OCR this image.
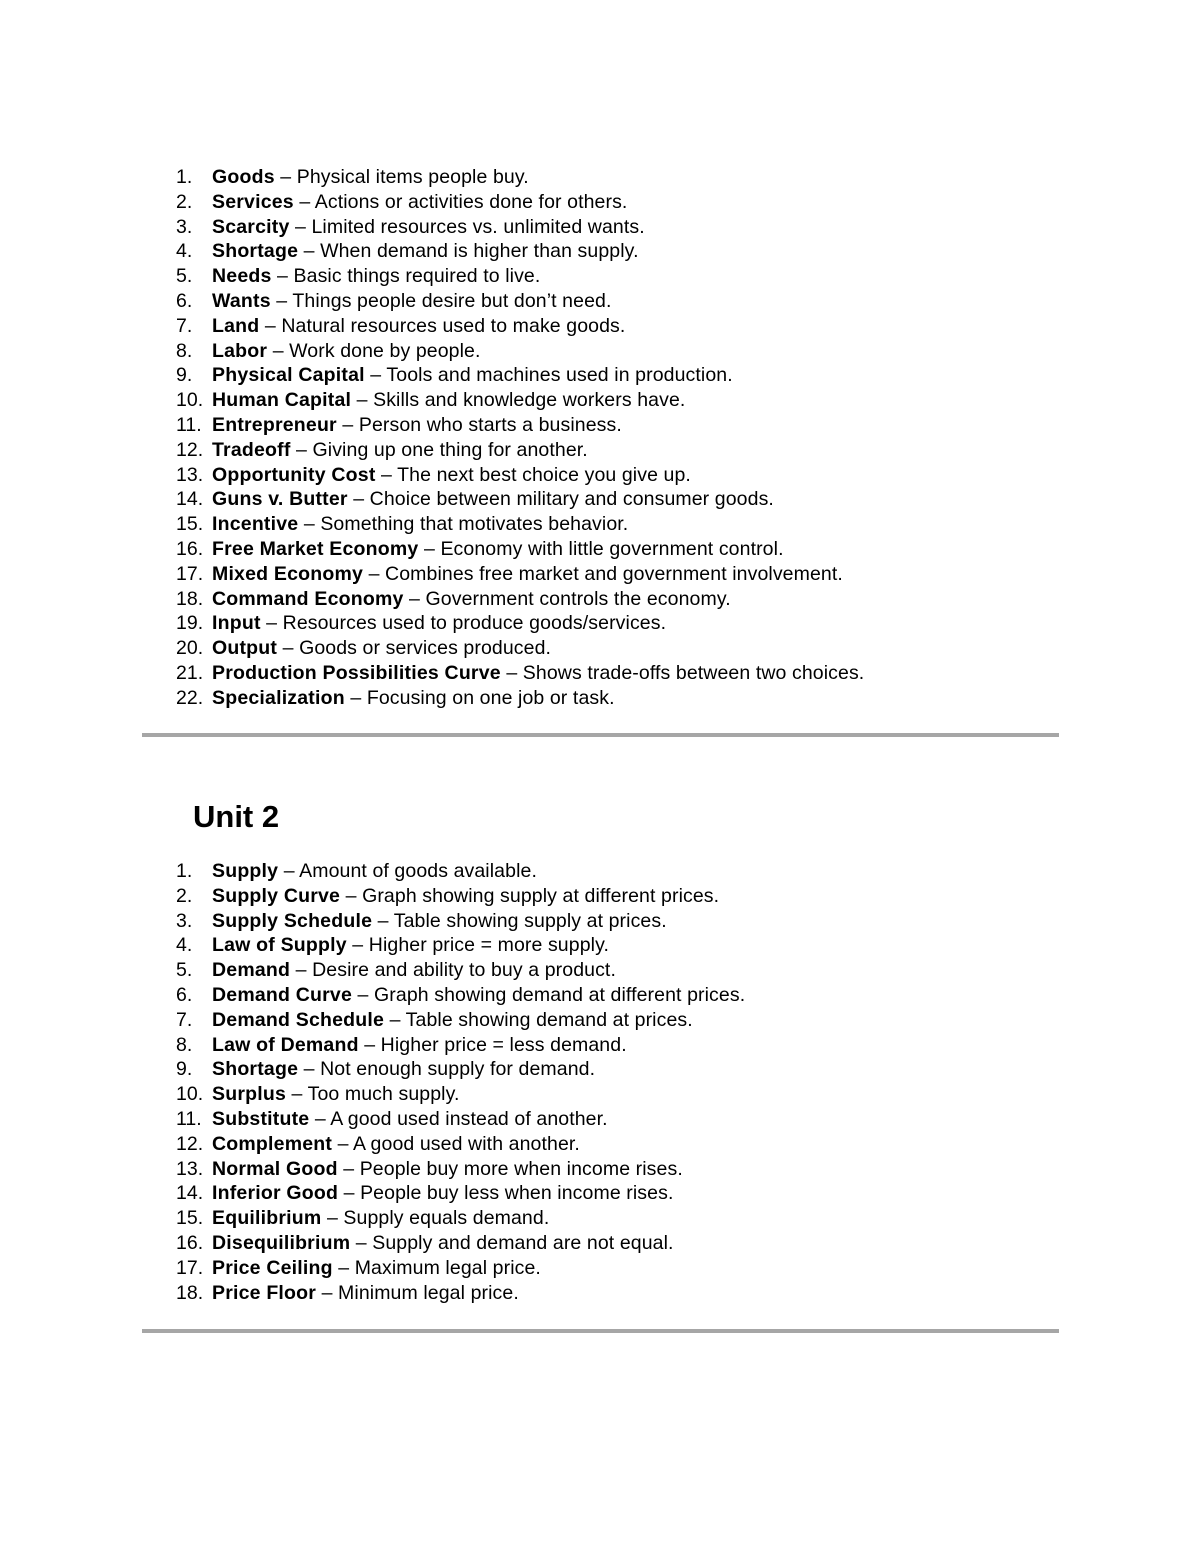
1. Goods – Physical items people buy.
2. Services – Actions or activities done for others.
3. Scarcity – Limited resources vs. unlimited wants.
4. Shortage – When demand is higher than supply.
5. Needs – Basic things required to live.
6. Wants – Things people desire but don’t need.
7. Land – Natural resources used to make goods.
8. Labor – Work done by people.
9. Physical Capital – Tools and machines used in production.
10. Human Capital – Skills and knowledge workers have.
11. Entrepreneur – Person who starts a business.
12. Tradeoff – Giving up one thing for another.
13. Opportunity Cost – The next best choice you give up.
14. Guns v. Butter – Choice between military and consumer goods.
15. Incentive – Something that motivates behavior.
16. Free Market Economy – Economy with little government control.
17. Mixed Economy – Combines free market and government involvement.
18. Command Economy – Government controls the economy.
19. Input – Resources used to produce goods/services.
20. Output – Goods or services produced.
21. Production Possibilities Curve – Shows trade-offs between two choices.
22. Specialization – Focusing on one job or task.
Unit 2
1. Supply – Amount of goods available.
2. Supply Curve – Graph showing supply at different prices.
3. Supply Schedule – Table showing supply at prices.
4. Law of Supply – Higher price = more supply.
5. Demand – Desire and ability to buy a product.
6. Demand Curve – Graph showing demand at different prices.
7. Demand Schedule – Table showing demand at prices.
8. Law of Demand – Higher price = less demand.
9. Shortage – Not enough supply for demand.
10. Surplus – Too much supply.
11. Substitute – A good used instead of another.
12. Complement – A good used with another.
13. Normal Good – People buy more when income rises.
14. Inferior Good – People buy less when income rises.
15. Equilibrium – Supply equals demand.
16. Disequilibrium – Supply and demand are not equal.
17. Price Ceiling – Maximum legal price.
18. Price Floor – Minimum legal price.
